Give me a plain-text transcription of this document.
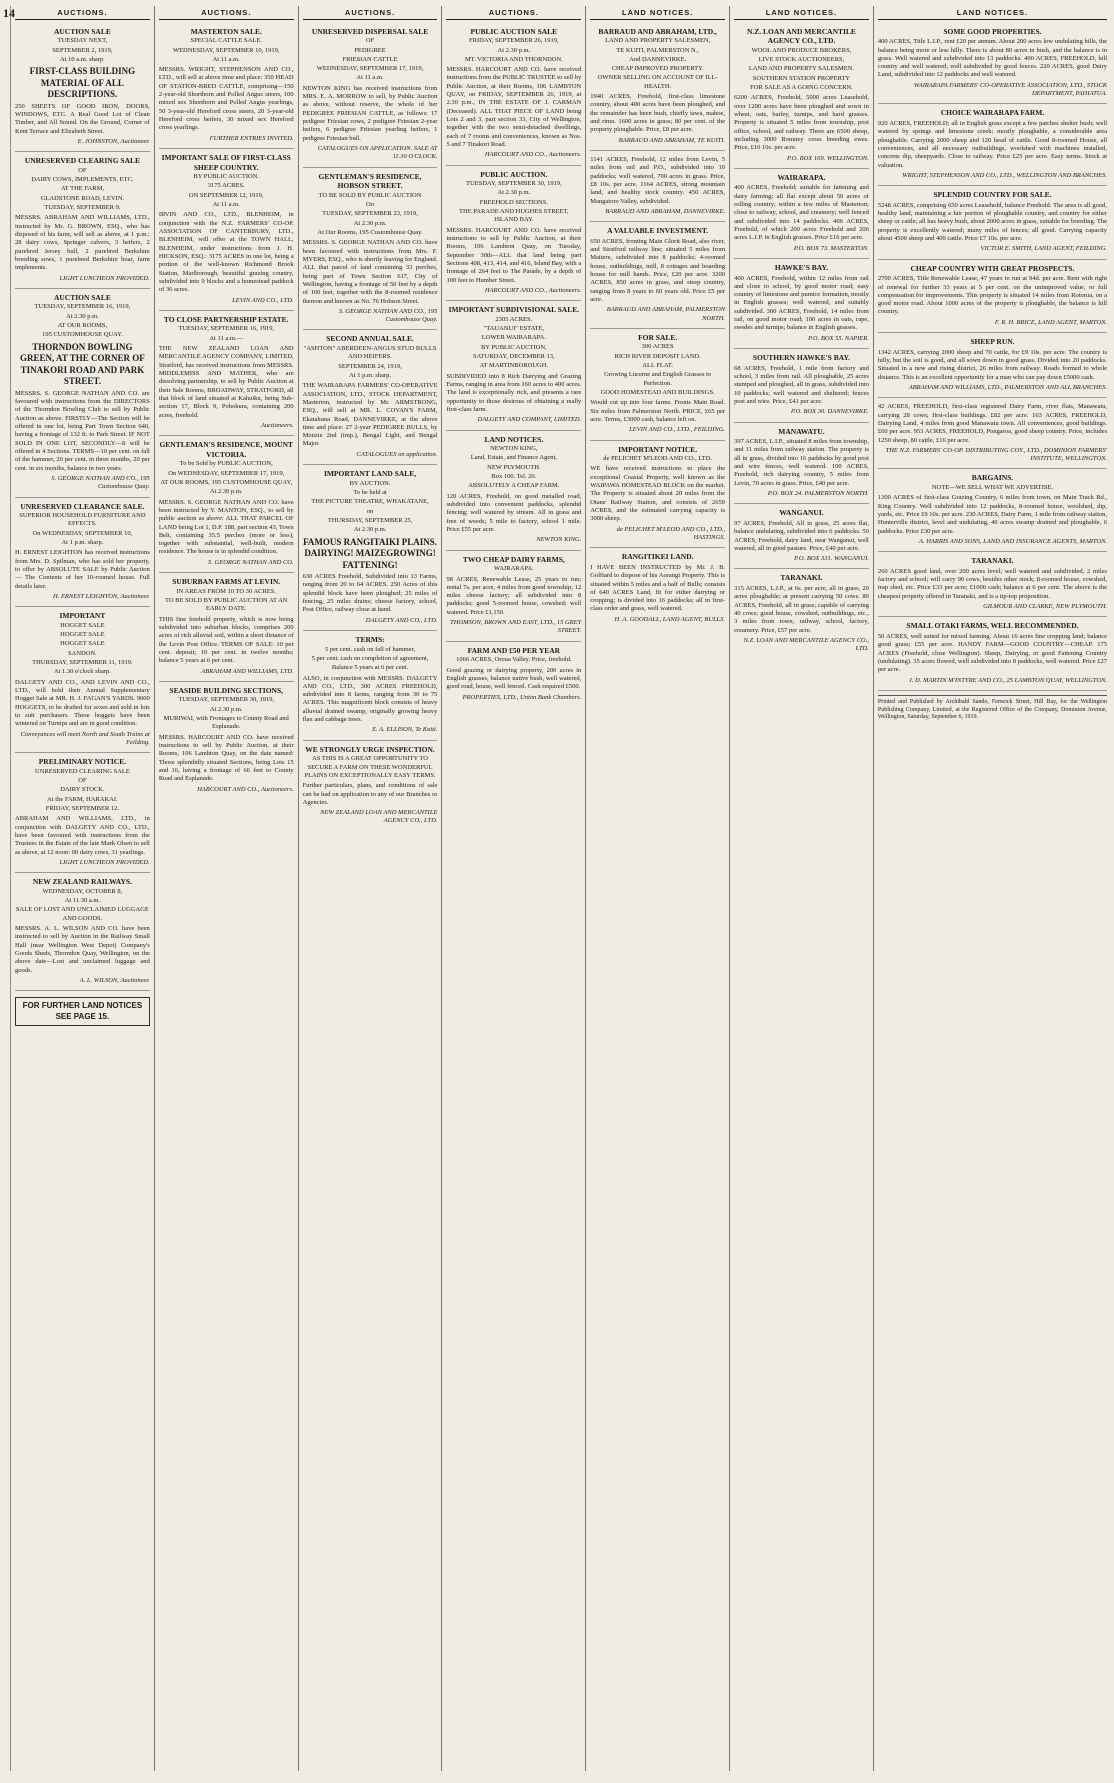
14	AUCTIONS.
AUCTION SALE
TUESDAY NEXT,
SEPTEMBER 2, 1919,
At 10 a.m. sharp.
FIRST-CLASS BUILDING MATERIAL OF ALL DESCRIPTIONS.
250 SHEETS OF GOOD IRON, DOORS, WINDOWS, ETC. A Real Good Lot of Clean Timber, and All Sound. On the Ground, Corner of Kent Terrace and Elizabeth Street.
E. JOHNSTON, Auctioneer.
UNRESERVED CLEARING SALE
OF
DAIRY COWS, IMPLEMENTS, ETC.
AT THE FARM,
GLADSTONE ROAD, LEVIN.
TUESDAY, SEPTEMBER 9.
MESSRS. ABRAHAM AND WILLIAMS, LTD., instructed by Mr. G. BROWN, ESQ., who has disposed of his farm, will sell as above, at 1 p.m.: 28 dairy cows, Springer calvers, 3 heifers, 2 purebred Jersey bull, 2 purebred Berkshire breeding sows, 1 purebred Berkshire boar, farm implements.
LIGHT LUNCHEON PROVIDED.
AUCTION SALE
TUESDAY, SEPTEMBER 16, 1919,
At 2.30 p.m.
AT OUR ROOMS,
195 CUSTOMHOUSE QUAY.
THORNDON BOWLING GREEN, AT THE CORNER OF TINAKORI ROAD AND PARK STREET.
MESSRS. S. GEORGE NATHAN AND CO. are favoured with instructions from the DIRECTORS of the Thorndon Bowling Club to sell by Public Auction as above. FIRSTLY—The Section will be offered in one lot, being Part Town Section 640, having a frontage of 132 ft. to Park Street. IF NOT SOLD IN ONE LOT, SECONDLY—It will be offered in 4 Sections. TERMS—10 per cent. on fall of the hammer, 20 per cent. in three months, 20 per cent. in six months, balance in two years.
S. GEORGE NATHAN AND CO., 195 Customhouse Quay.
UNRESERVED CLEARANCE SALE.
SUPERIOR HOUSEHOLD FURNITURE AND EFFECTS.
On WEDNESDAY, SEPTEMBER 10,
At 1 p.m. sharp.
H. ERNEST LEIGHTON has received instructions from Mrs. D. Spilman, who has sold her property, to offer by ABSOLUTE SALE by Public Auction — The Contents of her 10-roomed house. Full details later.
H. ERNEST LEIGHTON, Auctioneer.
IMPORTANT
HOGGET SALE
HOGGET SALE
HOGGET SALE
SANDON.
THURSDAY, SEPTEMBER 11, 1919.
At 1.30 o'clock sharp.
DALGETY AND CO., AND LEVIN AND CO., LTD., will hold their Annual Supplementary Hogget Sale at MR. H. J. FAGAN'S YARDS. 9000 HOGGETS, to be drafted for sexes and sold in lots to suit purchasers. These hoggets have been wintered on Turnips and are in good condition.
Conveyances will meet North and South Trains at Feilding.
PRELIMINARY NOTICE.
UNRESERVED CLEARING SALE
OF
DAIRY STOCK.
At the FARM, HARAKAI.
FRIDAY, SEPTEMBER 12.
ABRAHAM AND WILLIAMS, LTD., in conjunction with DALGETY AND CO., LTD., have been favoured with instructions from the Trustees in the Estate of the late Mark Olsen to sell as above, at 12 noon: 90 dairy cows, 31 yearlings.
LIGHT LUNCHEON PROVIDED.
NEW ZEALAND RAILWAYS.
WEDNESDAY, OCTOBER 8,
At 11.30 a.m.
SALE OF LOST AND UNCLAIMED LUGGAGE AND GOODS.
MESSRS. A. L. WILSON AND CO. have been instructed to sell by Auction in the Railway Small Hall (near Wellington West Depot) Company's Goods Sheds, Thorndon Quay, Wellington, on the above date—Lost and unclaimed luggage and goods.
A. L. WILSON, Auctioneer.
FOR FURTHER LAND NOTICES SEE PAGE 15.
AUCTIONS.
MASTERTON SALE.
SPECIAL CATTLE SALE.
WEDNESDAY, SEPTEMBER 10, 1919,
At 11 a.m.
MESSRS. WRIGHT, STEPHENSON AND CO., LTD., will sell at above time and place: 350 HEAD OF STATION-BRED CATTLE, comprising—150 2-year-old Shorthorn and Polled Angus steers, 100 mixed sex Shorthorn and Polled Angus yearlings, 50 3-year-old Hereford cross steers, 20 3-year-old Hereford cross heifers, 30 mixed sex Hereford cross yearlings.
FURTHER ENTRIES INVITED.
IMPORTANT SALE OF FIRST-CLASS SHEEP COUNTRY.
BY PUBLIC AUCTION.
3175 ACRES.
ON SEPTEMBER 12, 1919,
At 11 a.m.
IRVIN AND CO., LTD., BLENHEIM, in conjunction with the N.Z. FARMERS' CO-OP. ASSOCIATION OF CANTERBURY, LTD., BLENHEIM, will offer at the TOWN HALL, BLENHEIM, under instructions from J. H. HICKSON, ESQ.: 3175 ACRES in one lot, being a portion of the well-known Richmond Brook Station, Marlborough, beautiful grazing country, subdivided into 9 blocks and a homestead paddock of 36 acres.
LEVIN AND CO., LTD.
TO CLOSE PARTNERSHIP ESTATE.
TUESDAY, SEPTEMBER 16, 1919,
At 11 a.m.—
THE NEW ZEALAND LOAN AND MERCANTILE AGENCY COMPANY, LIMITED, Stratford, has received instructions from MESSRS. MIDDLEMISS AND MATHER, who are dissolving partnership, to sell by Public Auction at their Sale Rooms, BROADWAY, STRATFORD, all that block of land situated at Kahuiku, being Sub-section 17, Block 9, Pohokura, containing 200 acres, freehold.
Auctioneers.
GENTLEMAN'S RESIDENCE, MOUNT VICTORIA.
To be Sold by PUBLIC AUCTION,
On WEDNESDAY, SEPTEMBER 17, 1919,
AT OUR ROOMS, 195 CUSTOMHOUSE QUAY,
At 2.30 p.m.
MESSRS. S. GEORGE NATHAN AND CO. have been instructed by Y. MANTON, ESQ., to sell by public auction as above: ALL THAT PARCEL OF LAND being Lot 1, D.P. 188, part section 43, Town Belt, containing 35.5 perches (more or less), together with substantial, well-built, modern residence. The house is in splendid condition.
S. GEORGE NATHAN AND CO.
SUBURBAN FARMS AT LEVIN.
IN AREAS FROM 10 TO 30 ACRES.
TO BE SOLD BY PUBLIC AUCTION AT AN EARLY DATE.
THIS fine freehold property, which is now being subdivided into suburban blocks, comprises 200 acres of rich alluvial soil, within a short distance of the Levin Post Office. TERMS OF SALE: 10 per cent. deposit; 10 per cent. in twelve months; balance 5 years at 6 per cent.
ABRAHAM AND WILLIAMS, LTD.
SEASIDE BUILDING SECTIONS,
TUESDAY, SEPTEMBER 30, 1919,
At 2.30 p.m.
MURIWAI, with Frontages to County Road and Esplanade.
MESSRS. HARCOURT AND CO. have received instructions to sell by Public Auction, at their Rooms, 106 Lambton Quay, on the date named: Those splendidly situated Sections, being Lots 15 and 16, having a frontage of 66 feet to County Road and Esplanade.
HARCOURT AND CO., Auctioneers.
AUCTIONS.
UNRESERVED DISPERSAL SALE
OF
PEDIGREE
FRIESIAN CATTLE
WEDNESDAY, SEPTEMBER 17, 1919,
At 11 a.m.
NEWTON KING has received instructions from MRS. E. A. MORROW to sell, by Public Auction as above, without reserve, the whole of her PEDIGREE FRIESIAN CATTLE, as follows: 17 pedigree Friesian cows, 2 pedigree Friesian 2-year heifers, 6 pedigree Friesian yearling heifers, 1 pedigree Friesian bull.
CATALOGUES ON APPLICATION. SALE AT 11.30 O'CLOCK.
GENTLEMAN'S RESIDENCE, HOBSON STREET.
TO BE SOLD BY PUBLIC AUCTION
On
TUESDAY, SEPTEMBER 23, 1919,
At 2.30 p.m.
At Our Rooms, 195 Customhouse Quay.
MESSRS. S. GEORGE NATHAN AND CO. have been favoured with instructions from Mrs. F. MYERS, ESQ., who is shortly leaving for England. ALL that parcel of land containing 33 perches, being part of Town Section 617, City of Wellington, having a frontage of 50 feet by a depth of 100 feet, together with the 8-roomed residence thereon and known as No. 76 Hobson Street.
S. GEORGE NATHAN AND CO., 195 Customhouse Quay.
SECOND ANNUAL SALE.
"ASHTON" ABERDEEN-ANGUS STUD BULLS AND HEIFERS.
SEPTEMBER 24, 1919,
At 1 p.m. sharp.
THE WAIRARAPA FARMERS' CO-OPERATIVE ASSOCIATION, LTD., STOCK DEPARTMENT, Masterton, instructed by Mr. ARMSTRONG, ESQ., will sell at MR. L. COVAN'S FARM, Ekatahuna Road, DANNEVIRKE, at the above time and place: 27 2-year PEDIGREE BULLS, by Monzie 2nd (imp.), Bengal Light, and Bengal Major.
CATALOGUES on application.
IMPORTANT LAND SALE,
BY AUCTION.
To be held at
THE PICTURE THEATRE, WHAKATANE,
on
THURSDAY, SEPTEMBER 25,
At 2.30 p.m.
FAMOUS RANGITAIKI PLAINS. DAIRYING! MAIZEGROWING! FATTENING!
630 ACRES Freehold, Subdivided into 13 Farms, ranging from 20 to 64 ACRES. 250 Acres of this splendid block have been ploughed; 25 miles of fencing, 25 miles drains; cheese factory, school, Post Office, railway close at hand.
DALGETY AND CO., LTD.
TERMS:
5 per cent. cash on fall of hammer,
5 per cent. cash on completion of agreement,
Balance 5 years at 6 per cent.
ALSO, in conjunction with MESSRS. DALGETY AND CO., LTD., 300 ACRES FREEHOLD, subdivided into 8 farms, ranging from 30 to 75 ACRES. This magnificent block consists of heavy alluvial drained swamp, originally growing heavy flax and cabbage trees.
E. A. ELLISON, Te Kuiti.
WE STRONGLY URGE INSPECTION.
AS THIS IS A GREAT OPPORTUNITY TO SECURE A FARM ON THESE WONDERFUL PLAINS ON EXCEPTIONALLY EASY TERMS.
Further particulars, plans, and conditions of sale can be had on application to any of our Branches or Agencies.
NEW ZEALAND LOAN AND MERCANTILE AGENCY CO., LTD.
AUCTIONS.
PUBLIC AUCTION SALE
FRIDAY, SEPTEMBER 26, 1919,
At 2.30 p.m.
MT. VICTORIA AND THORNDON.
MESSRS. HARCOURT AND CO. have received instructions from the PUBLIC TRUSTEE to sell by Public Auction, at their Rooms, 106 LAMBTON QUAY, on FRIDAY, SEPTEMBER 26, 1919, at 2.30 p.m., IN THE ESTATE OF J. CARMAN (Deceased). ALL THAT PIECE OF LAND being Lots 2 and 3, part section 33, City of Wellington, together with the two semi-detached dwellings, each of 7 rooms and conveniences, known as Nos. 5 and 7 Tinakori Road.
HARCOURT AND CO., Auctioneers.
PUBLIC AUCTION.
TUESDAY, SEPTEMBER 30, 1919,
At 2.30 p.m.
FREEHOLD SECTIONS.
THE PARADE AND HUGHES STREET, ISLAND BAY.
MESSRS. HARCOURT AND CO. have received instructions to sell by Public Auction, at their Rooms, 106 Lambton Quay, on Tuesday, September 30th—ALL that land being part Sections 408, 413, 414, and 416, Island Bay, with a frontage of 264 feet to The Parade, by a depth of 100 feet to Humber Street.
HARCOURT AND CO., Auctioneers.
IMPORTANT SUBDIVISIONAL SALE.
2305 ACRES.
"TAUANUI" ESTATE,
LOWER WAIRARAPA.
BY PUBLIC AUCTION,
SATURDAY, DECEMBER 13,
AT MARTINBOROUGH.
SUBDIVIDED into 8 Rich Dairying and Grazing Farms, ranging in area from 160 acres to 400 acres. The land is exceptionally rich, and presents a rare opportunity to those desirous of obtaining a really first-class farm.
DALGETY AND COMPANY, LIMITED.
LAND NOTICES.
NEWTON KING,
Land, Estate, and Finance Agent,
NEW PLYMOUTH.
Box 100. Tel. 20.
ABSOLUTELY A CHEAP FARM.
120 ACRES, Freehold, on good metalled road, subdivided into convenient paddocks, splendid fencing; well watered by stream. All in grass and free of weeds; 5 mile to factory, school 1 mile. Price £55 per acre.
NEWTON KING.
TWO CHEAP DAIRY FARMS,
WAIRARAPA.
98 ACRES, Renewable Lease, 25 years to run; rental 7s. per acre, 4 miles from good township; 12 miles cheese factory; all subdivided into 8 paddocks; good 5-roomed house, cowshed; well watered. Price £1,150.
THOMSON, BROWN AND EAST, LTD., 15 GREY STREET.
FARM AND £50 PER YEAR
1066 ACRES, Oroua Valley. Price, freehold.
Good grazing or dairying property, 200 acres in English grasses, balance native bush, well watered, good road, house, well fenced. Cash required £500.
PROPERTIES, LTD., Union Bank Chambers.
LAND NOTICES.
BARRAUD AND ABRAHAM, LTD.,
LAND AND PROPERTY SALESMEN,
TE KUITI, PALMERSTON N.,
And DANNEVIRKE.
CHEAP IMPROVED PROPERTY.
OWNER SELLING ON ACCOUNT OF ILL-HEALTH.
1940 ACRES, Freehold, first-class limestone country, about 400 acres have been ploughed, and the remainder has been bush, chiefly tawa, mahoe, and rimu. 1600 acres in grass; 80 per cent. of the property ploughable. Price, £8 per acre.
BARRAUD AND ABRAHAM, TE KUITI.
1141 ACRES, Freehold, 12 miles from Levin, 5 miles from rail and P.O., subdivided into 10 paddocks; well watered, 700 acres in grass. Price, £8 10s. per acre. 1164 ACRES, strong mountain land, and healthy stock country. 450 ACRES, Mangatoro Valley, subdivided.
BARRAUD AND ABRAHAM, DANNEVIRKE.
A VALUABLE INVESTMENT.
650 ACRES, fronting Main Glorit Road, also river, and Stratford railway line; situated 5 miles from Maitere, subdivided into 8 paddocks; 4-roomed house, outbuildings, mill, 8 cottages and boarding house for mill hands. Price, £20 per acre. 3200 ACRES, 850 acres in grass, and steep country, ranging from 8 years to 60 years old. Price £5 per acre.
BARRAUD AND ABRAHAM, PALMERSTON NORTH.
FOR SALE.
300 ACRES
RICH RIVER DEPOSIT LAND.
ALL FLAT.
Growing Lucerne and English Grasses to Perfection.
GOOD HOMESTEAD AND BUILDINGS.
Would cut up into four farms. Fronts Main Road. Six miles from Palmerston North. PRICE, £65 per acre. Terms, £3000 cash, balance left on.
LEVIN AND CO., LTD., FEILDING.
IMPORTANT NOTICE.
de PELICHET M'LEOD AND CO., LTD.
WE have received instructions to place the exceptional Coastal Property, well known as the WAIPAWA HOMESTEAD BLOCK on the market. The Property is situated about 20 miles from the Otane Railway Station, and consists of 2650 ACRES, and the estimated carrying capacity is 3000 sheep.
de PELICHET M'LEOD AND CO., LTD., HASTINGS.
RANGITIKEI LAND.
I HAVE BEEN INSTRUCTED by Mr. J. B. Golfiard to dispose of his Aorangi Property. This is situated within 5 miles and a half of Bulls; consists of 640 ACRES Land, fit for either dairying or cropping; is divided into 16 paddocks; all in first-class order and grass, well watered.
H. A. GOODALL, LAND AGENT, BULLS.
LAND NOTICES.
N.Z. LOAN AND MERCANTILE AGENCY CO., LTD.
WOOL AND PRODUCE BROKERS,
LIVE STOCK AUCTIONEERS,
LAND AND PROPERTY SALESMEN.
SOUTHERN STATION PROPERTY
FOR SALE AS A GOING CONCERN.
6200 ACRES, Freehold, 5000 acres Leasehold, over 1200 acres have been ploughed and sown in wheat, oats, barley, turnips, and hard grasses. Property is situated 5 miles from township, post office, school, and railway. There are 6500 sheep, including 3000 Romney cross breeding ewes. Price, £10 10s. per acre.
P.O. BOX 169. WELLINGTON.
WAIRARAPA.
400 ACRES, Freehold; suitable for fattening and dairy farming; all flat except about 50 acres of rolling country; within a few miles of Masterton; close to railway, school, and creamery; well fenced and subdivided into 14 paddocks. 406 ACRES, Freehold, of which 200 acres Freehold and 206 acres L.I.P. in English grasses. Price £16 per acre.
P.O. BOX 73. MASTERTON.
HAWKE'S BAY.
400 ACRES, Freehold, within 12 miles from rail and close to school, by good motor road; easy country of limestone and pumice formation, mostly in English grasses; well watered, and suitably subdivided. 300 ACRES, Freehold, 14 miles from rail, on good motor road; 100 acres in oats, rape, swedes and turnips; balance in English grasses.
P.O. BOX 55. NAPIER.
SOUTHERN HAWKE'S BAY.
68 ACRES, Freehold, 1 mile from factory and school, 3 miles from rail. All ploughable, 25 acres stumped and ploughed, all in grass, subdivided into 10 paddocks; well watered and sheltered; fences post and wire. Price, £41 per acre.
P.O. BOX 30. DANNEVIRKE.
MANAWATU.
397 ACRES, L.I.P., situated 8 miles from township, and 11 miles from railway station. The property is all in grass, divided into 16 paddocks by good post and wire fences, well watered. 100 ACRES, Freehold, rich dairying country, 5 miles from Levin, 70 acres in grass. Price, £40 per acre.
P.O. BOX 24. PALMERSTON NORTH.
WANGANUI.
97 ACRES, Freehold, All in grass, 25 acres flat, balance undulating, subdivided into 6 paddocks. 50 ACRES, Freehold, dairy land, near Wanganui, well watered, all in good pasture. Price, £40 per acre.
P.O. BOX 331. WANGANUI.
TARANAKI.
315 ACRES, L.I.P., at 6s. per acre, all in grass, 20 acres ploughable; at present carrying 50 cows. 80 ACRES, Freehold, all in grass; capable of carrying 40 cows; good house, cowshed, outbuildings, etc., 3 miles from town, railway, school, factory, creamery. Price, £57 per acre.
N.Z. LOAN AND MERCANTILE AGENCY CO., LTD.
LAND NOTICES.
SOME GOOD PROPERTIES.
400 ACRES, Title L.I.P., rent £20 per annum. About 200 acres low undulating hills, the balance being more or less hilly. There is about 80 acres in bush, and the balance is in grass. Well watered and subdivided into 13 paddocks. 400 ACRES, FREEHOLD, hill country and well watered, well subdivided by good fences. 220 ACRES, good Dairy Land, subdivided into 12 paddocks and well watered.
WAIRARAPA FARMERS' CO-OPERATIVE ASSOCIATION, LTD., STOCK DEPARTMENT, PAHIATUA.
CHOICE WAIRARAPA FARM.
920 ACRES, FREEHOLD; all in English grass except a few patches shelter bush; well watered by springs and limestone creek; mostly ploughable, a considerable area ploughable. Carrying 2000 sheep and 120 head of cattle. Good 8-roomed House, all conveniences, and all necessary outbuildings, woolshed with machines installed, concrete dip, sheepyards. Close to railway. Price £25 per acre. Easy terms. Stock at valuation.
WRIGHT, STEPHENSON AND CO., LTD., WELLINGTON AND BRANCHES.
SPLENDID COUNTRY FOR SALE.
5248 ACRES, comprising 650 acres Leasehold, balance Freehold. The area is all good, healthy land, maintaining a fair portion of ploughable country, and country for either sheep or cattle; all has heavy bush, about 2000 acres in grass, suitable for breeding. The property is excellently watered; many miles of fences; all good. Carrying capacity about 4500 sheep and 400 cattle. Price £7 10s. per acre.
VICTOR E. SMITH, LAND AGENT, FEILDING.
CHEAP COUNTRY WITH GREAT PROSPECTS.
2700 ACRES, Title Renewable Lease, 47 years to run at 94d. per acre. Rent with right of renewal for further 33 years at 5 per cent. on the unimproved value, or full compensation for improvements. This property is situated 14 miles from Rotorua, on a good motor road. About 1000 acres of the property is ploughable, the balance is hill country.
F. R. H. BRICE, LAND AGENT, MARTON.
SHEEP RUN.
1342 ACRES, carrying 2000 sheep and 70 cattle, for £9 10s. per acre. The country is hilly, but the soil is good, and all sown down in good grass. Divided into 20 paddocks. Situated in a new and rising district, 26 miles from railway. Roads formed to whole distance. This is an excellent opportunity for a man who can pay down £5000 cash.
ABRAHAM AND WILLIAMS, LTD., PALMERSTON AND ALL BRANCHES.
42 ACRES, FREEHOLD, first-class registered Dairy Farm, river flats, Manawatu, carrying 28 cows; first-class buildings. £82 per acre. 163 ACRES, FREEHOLD, Dairying Land, 4 miles from good Manawatu town. All conveniences, good buildings. £60 per acre. 953 ACRES, FREEHOLD, Pongaroa, good sheep country. Price, includes 1250 sheep, 80 cattle, £16 per acre.
THE N.Z. FARMERS' CO-OP. DISTRIBUTING COY., LTD., DOMINION FARMERS' INSTITUTE, WELLINGTON.
BARGAINS.
NOTE—WE SELL WHAT WE ADVERTISE.
1300 ACRES of first-class Grazing Country, 6 miles from town, on Main Track Rd., King Country. Well subdivided into 12 paddocks, 8-roomed house, woolshed, dip, yards, etc. Price £9 10s. per acre. 230 ACRES, Dairy Farm, 1 mile from railway station, Hunterville district, level and undulating, 40 acres swamp drained and ploughable, 6 paddocks. Price £30 per acre.
A. HARRIS AND SONS, LAND AND INSURANCE AGENTS, MARTON.
TARANAKI.
260 ACRES good land, over 200 acres level; well watered and subdivided, 2 miles factory and school; will carry 90 cows, besides other stock; 8-roomed house, cowshed, trap shed, etc. Price £33 per acre; £1000 cash; balance at 6 per cent. The above is the cheapest property offered in Taranaki, and is a tip-top proposition.
GILMOUR AND CLARKE, NEW PLYMOUTH.
SMALL OTAKI FARMS, WELL RECOMMENDED.
50 ACRES, well suited for mixed farming. About 16 acres fine cropping land; balance good grass; £55 per acre. HANDY FARM—GOOD COUNTRY—CHEAP. 175 ACRES (Freehold, close Wellington). Sheep, Dairying, or good Fattening Country (undulating). 35 acres flowed, well subdivided into 8 paddocks, well watered. Price £27 per acre.
J. D. MARTIN M'INTYRE AND CO., 25 LAMBTON QUAY, WELLINGTON.
Printed and Published by Archibald Sando, Fenwick Street, Hill Bay, for the Wellington Publishing Company, Limited, at the Registered Office of the Company, Dominion Avenue, Wellington, Saturday, September 6, 1919.
